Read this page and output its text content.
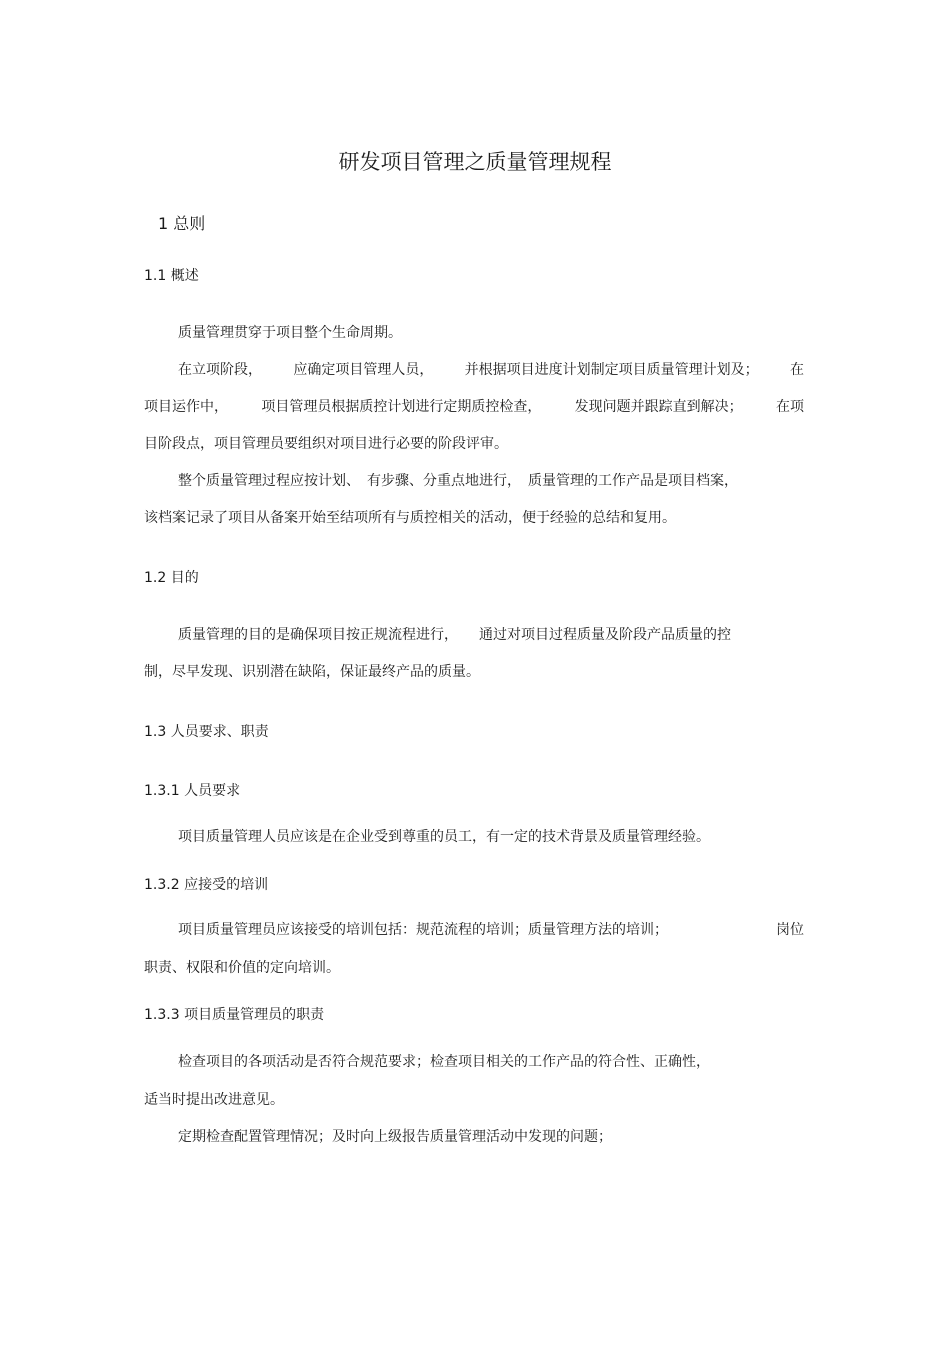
研发项目管理之质量管理规程
1 总则
1.1 概述

质量管理贯穿于项目整个生命周期。

在立项阶段， 应确定项目管理人员， 并根据项目进度计划制定项目质量管理计划及； 在

项目运作中， 项目管理员根据质控计划进行定期质控检查， 发现问题并跟踪直到解决； 在项

目阶段点，项目管理员要组织对项目进行必要的阶段评审。

整个质量管理过程应按计划、　有步骤、分重点地进行，　质量管理的工作产品是项目档案，

该档案记录了项目从备案开始至结项所有与质控相关的活动，便于经验的总结和复用。

1.2 目的

质量管理的目的是确保项目按正规流程进行，　　通过对项目过程质量及阶段产品质量的控

制，尽早发现、识别潜在缺陷，保证最终产品的质量。

1.3 人员要求、职责
1.3.1 人员要求

项目质量管理人员应该是在企业受到尊重的员工，有一定的技术背景及质量管理经验。

1.3.2 应接受的培训

项目质量管理员应该接受的培训包括：规范流程的培训；质量管理方法的培训；	岗位

职责、权限和价值的定向培训。

1.3.3 项目质量管理员的职责

检查项目的各项活动是否符合规范要求；检查项目相关的工作产品的符合性、正确性，

适当时提出改进意见。

定期检查配置管理情况；及时向上级报告质量管理活动中发现的问题；
